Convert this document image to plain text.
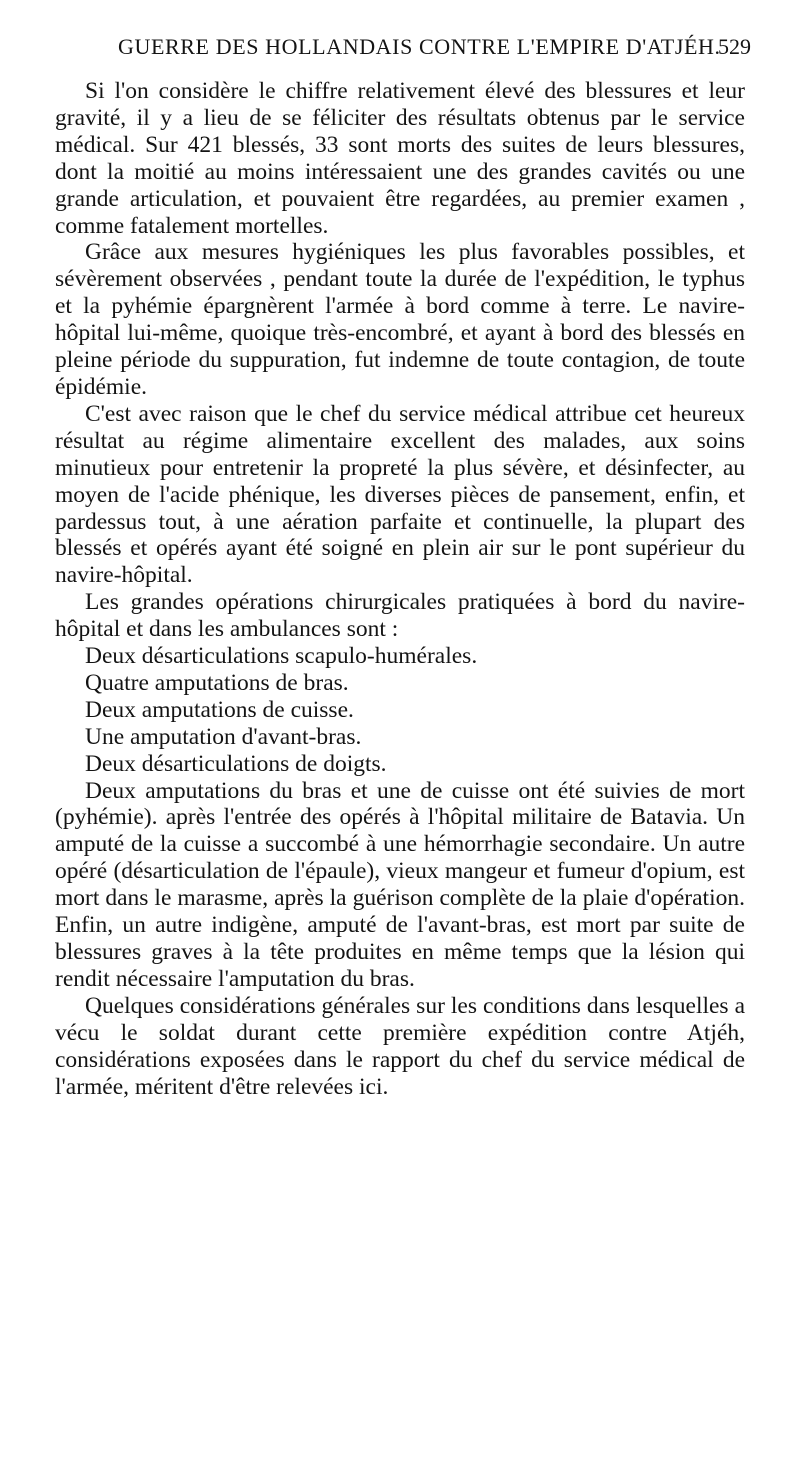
GUERRE DES HOLLANDAIS CONTRE L'EMPIRE D'ATJÉH.
529

Si l'on considère le chiffre relativement élevé des blessures et leur gravité, il y a lieu de se féliciter des résultats obtenus par le service médical. Sur 421 blessés, 33 sont morts des suites de leurs blessures, dont la moitié au moins intéressaient une des grandes cavités ou une grande articulation, et pouvaient être regardées, au premier examen , comme fatalement mortelles.

Grâce aux mesures hygiéniques les plus favorables possibles, et sévèrement observées , pendant toute la durée de l'expédition, le typhus et la pyhémie épargnèrent l'armée à bord comme à terre. Le navire-hôpital lui-même, quoique très-encombré, et ayant à bord des blessés en pleine période du suppuration, fut indemne de toute contagion, de toute épidémie.

C'est avec raison que le chef du service médical attribue cet heureux résultat au régime alimentaire excellent des malades, aux soins minutieux pour entretenir la propreté la plus sévère, et désinfecter, au moyen de l'acide phénique, les diverses pièces de pansement, enfin, et pardessus tout, à une aération parfaite et continuelle, la plupart des blessés et opérés ayant été soigné en plein air sur le pont supérieur du navire-hôpital.

Les grandes opérations chirurgicales pratiquées à bord du navire-hôpital et dans les ambulances sont :

Deux désarticulations scapulo-humérales.

Quatre amputations de bras.

Deux amputations de cuisse.

Une amputation d'avant-bras.

Deux désarticulations de doigts.

Deux amputations du bras et une de cuisse ont été suivies de mort (pyhémie). après l'entrée des opérés à l'hôpital militaire de Batavia. Un amputé de la cuisse a succombé à une hémorrhagie secondaire. Un autre opéré (désarticulation de l'épaule), vieux mangeur et fumeur d'opium, est mort dans le marasme, après la guérison complète de la plaie d'opération. Enfin, un autre indigène, amputé de l'avant-bras, est mort par suite de blessures graves à la tête produites en même temps que la lésion qui rendit nécessaire l'amputation du bras.

Quelques considérations générales sur les conditions dans lesquelles a vécu le soldat durant cette première expédition contre Atjéh, considérations exposées dans le rapport du chef du service médical de l'armée, méritent d'être relevées ici.
